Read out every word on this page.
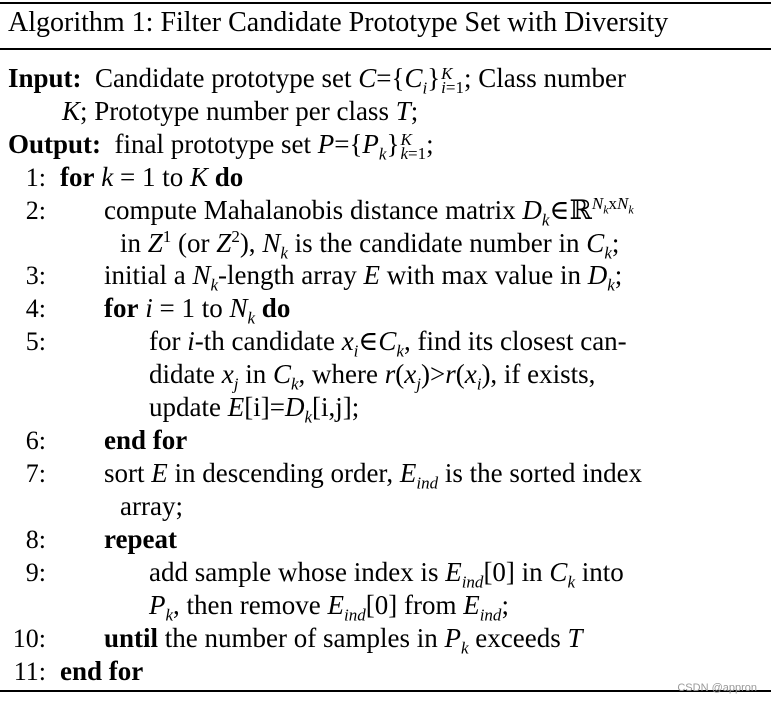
Algorithm 1: Filter Candidate Prototype Set with Diversity
Input:  Candidate prototype set $C=\{C_i\}K$
i=1; Class number
K; Prototype number per class T;
Output:  final prototype set $P=\{P_k\}K$
k=1;
1:
2:
3:
4:
5:
6:
7:
8:
9:
10:
11:
for k = 1 to K do
compute Mahalanobis distance matrix $D_k\in ℝ^{N_kxN_k}$
in $Z^1$ (or $Z^2$), $N_k$ is the candidate number in $C_k$;
initial a $N_k$-length array E with max value in $D_k$;
for i = 1 to $N_k$ do
for i-th candidate $x_i\in C_k$, find its closest can-
didate $x_j$ in $C_k$, where $r(x_j)>r(x_i)$, if exists,
update $E[i]=D_k[i,j]$;
end for
sort E in descending order, $E_{ind}$ is the sorted index
array;
repeat
add sample whose index is $E_{ind}[0]$ in $C_k$ into
$P_k$, then remove $E_{ind}[0]$ from $E_{ind}$;
until the number of samples in $P_k$ exceeds T
end for
CSDN @appron
